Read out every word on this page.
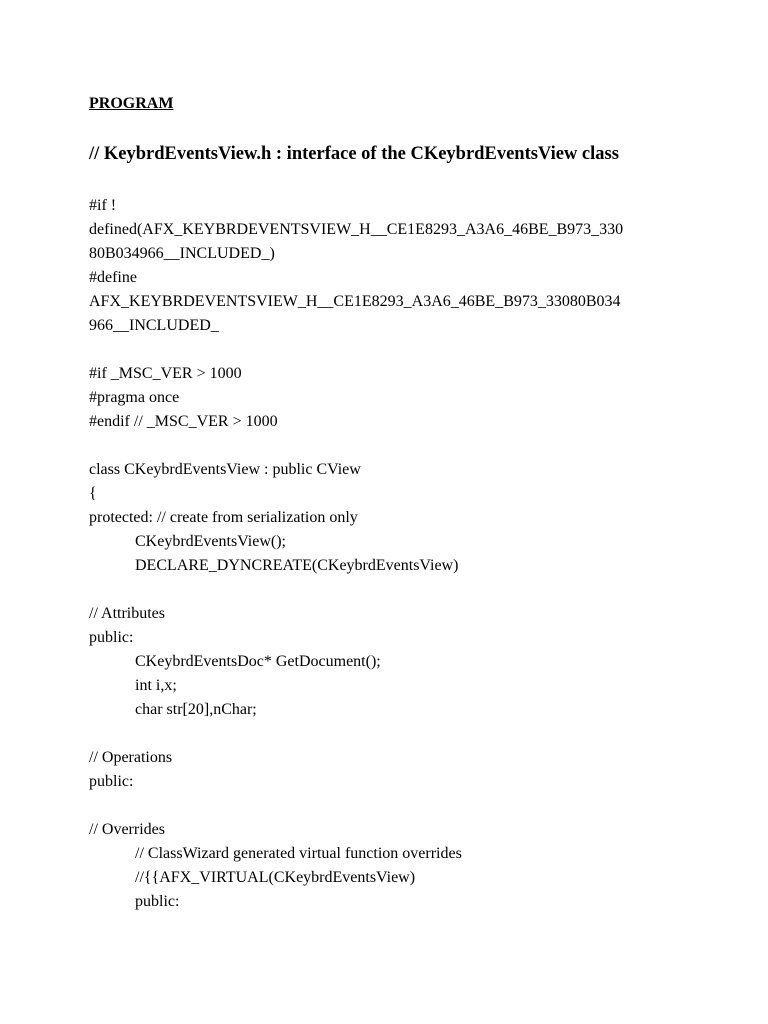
PROGRAM
// KeybrdEventsView.h : interface of the CKeybrdEventsView class
#if !
defined(AFX_KEYBRDEVENTSVIEW_H__CE1E8293_A3A6_46BE_B973_330
80B034966__INCLUDED_)
#define
AFX_KEYBRDEVENTSVIEW_H__CE1E8293_A3A6_46BE_B973_33080B034
966__INCLUDED_
#if _MSC_VER > 1000
#pragma once
#endif // _MSC_VER > 1000
class CKeybrdEventsView : public CView
{
protected: // create from serialization only
CKeybrdEventsView();
DECLARE_DYNCREATE(CKeybrdEventsView)
// Attributes
public:
CKeybrdEventsDoc* GetDocument();
int i,x;
char str[20],nChar;
// Operations
public:
// Overrides
// ClassWizard generated virtual function overrides
//{{AFX_VIRTUAL(CKeybrdEventsView)
public:
